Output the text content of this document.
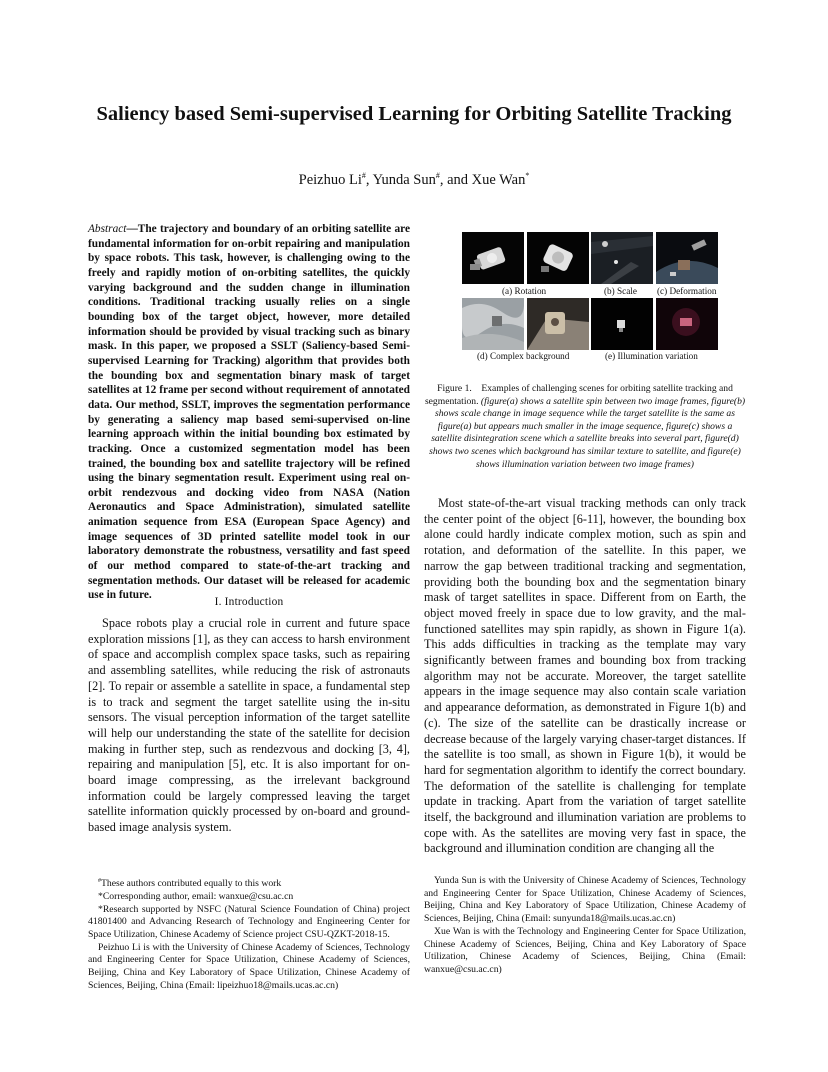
Saliency based Semi-supervised Learning for Orbiting Satellite Tracking
Peizhuo Li#, Yunda Sun#, and Xue Wan*
Abstract—The trajectory and boundary of an orbiting satellite are fundamental information for on-orbit repairing and manipulation by space robots. This task, however, is challenging owing to the freely and rapidly motion of on-orbiting satellites, the quickly varying background and the sudden change in illumination conditions. Traditional tracking usually relies on a single bounding box of the target object, however, more detailed information should be provided by visual tracking such as binary mask. In this paper, we proposed a SSLT (Saliency-based Semi-supervised Learning for Tracking) algorithm that provides both the bounding box and segmentation binary mask of target satellites at 12 frame per second without requirement of annotated data. Our method, SSLT, improves the segmentation performance by generating a saliency map based semi-supervised on-line learning approach within the initial bounding box estimated by tracking. Once a customized segmentation model has been trained, the bounding box and satellite trajectory will be refined using the binary segmentation result. Experiment using real on-orbit rendezvous and docking video from NASA (Nation Aeronautics and Space Administration), simulated satellite animation sequence from ESA (European Space Agency) and image sequences of 3D printed satellite model took in our laboratory demonstrate the robustness, versatility and fast speed of our method compared to state-of-the-art tracking and segmentation methods. Our dataset will be released for academic use in future.
I. Introduction

Space robots play a crucial role in current and future space exploration missions [1], as they can access to harsh environment of space and accomplish complex space tasks, such as repairing and assembling satellites, while reducing the risk of astronauts [2]. To repair or assemble a satellite in space, a fundamental step is to track and segment the target satellite using the in-situ sensors. The visual perception information of the target satellite will help our understanding the state of the satellite for decision making in further step, such as rendezvous and docking [3, 4], repairing and manipulation [5], etc. It is also important for on-board image compressing, as the irrelevant background information could be largely compressed leaving the target satellite information quickly processed by on-board and ground-based image analysis system.

(a) Rotation	(b) Scale (c) Deformation
(d) Complex background	(e) Illumination variation
Figure 1. Examples of challenging scenes for orbiting satellite tracking and segmentation. (figure(a) shows a satellite spin between two image frames, figure(b) shows scale change in image sequence while the target satellite is the same as figure(a) but appears much smaller in the image sequence, figure(c) shows a satellite disintegration scene which a satellite breaks into several part, figure(d) shows two scenes which background has similar texture to satellite, and figure(e) shows illumination variation between two image frames)

Most state-of-the-art visual tracking methods can only track the center point of the object [6-11], however, the bounding box alone could hardly indicate complex motion, such as spin and rotation, and deformation of the satellite. In this paper, we narrow the gap between traditional tracking and segmentation, providing both the bounding box and the segmentation binary mask of target satellites in space. Different from on Earth, the object moved freely in space due to low gravity, and the mal-functioned satellites may spin rapidly, as shown in Figure 1(a). This adds difficulties in tracking as the template may vary significantly between frames and bounding box from tracking algorithm may not be accurate. Moreover, the target satellite appears in the image sequence may also contain scale variation and appearance deformation, as demonstrated in Figure 1(b) and (c). The size of the satellite can be drastically increase or decrease because of the largely varying chaser-target distances. If the satellite is too small, as shown in Figure 1(b), it would be hard for segmentation algorithm to identify the correct boundary. The deformation of the satellite is challenging for template update in tracking. Apart from the variation of target satellite itself, the background and illumination variation are problems to cope with. As the satellites are moving very fast in space, the background and illumination condition are changing all the

#These authors contributed equally to this work

*Corresponding author, email: wanxue@csu.ac.cn

*Research supported by NSFC (Natural Science Foundation of China) project 41801400 and Advancing Research of Technology and Engineering Center for Space Utilization, Chinese Academy of Science project CSU-QZKT-2018-15.

Peizhuo Li is with the University of Chinese Academy of Sciences, Technology and Engineering Center for Space Utilization, Chinese Academy of Sciences, Beijing, China and Key Laboratory of Space Utilization, Chinese Academy of Sciences, Beijing, China (Email: lipeizhuo18@mails.ucas.ac.cn)

Yunda Sun is with the University of Chinese Academy of Sciences, Technology and Engineering Center for Space Utilization, Chinese Academy of Sciences, Beijing, China and Key Laboratory of Space Utilization, Chinese Academy of Sciences, Beijing, China (Email: sunyunda18@mails.ucas.ac.cn)

Xue Wan is with the Technology and Engineering Center for Space Utilization, Chinese Academy of Sciences, Beijing, China and Key Laboratory of Space Utilization, Chinese Academy of Sciences, Beijing, China (Email: wanxue@csu.ac.cn)
